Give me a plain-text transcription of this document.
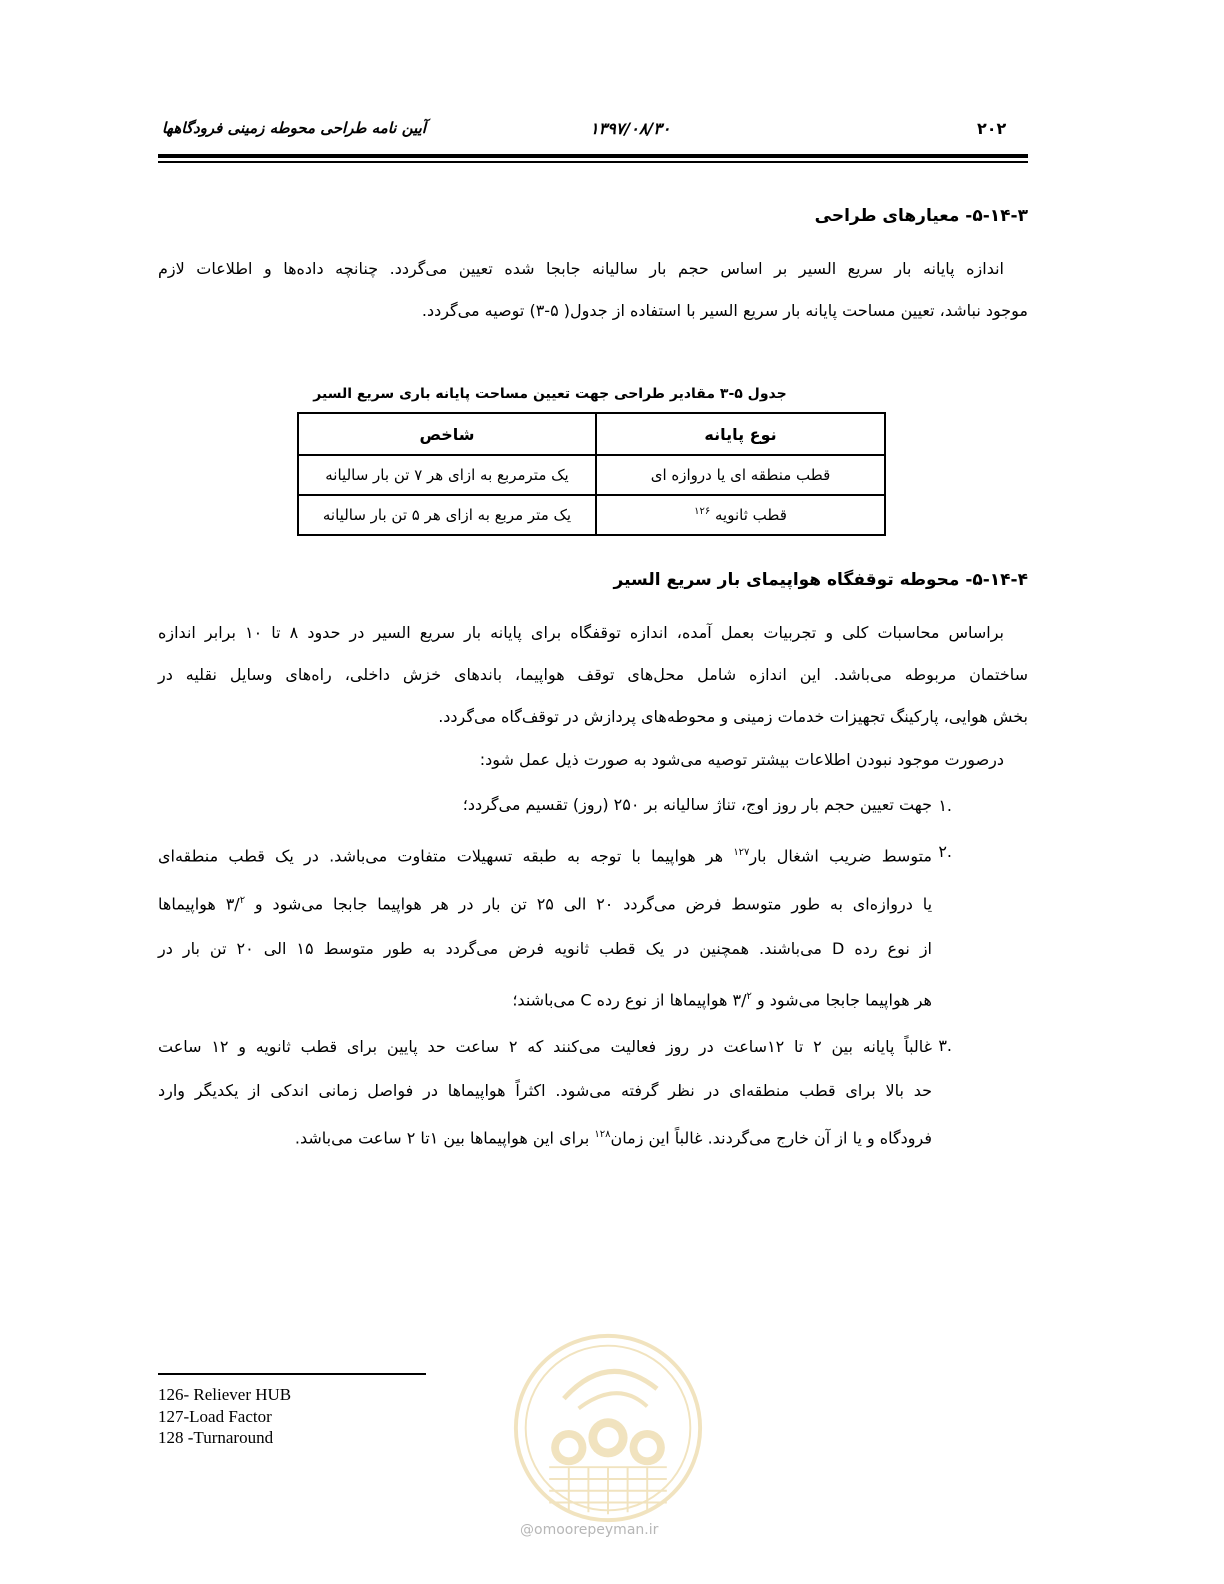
آیین نامه طراحی محوطه زمینی فرودگاهها	۱۳۹۷/۰۸/۳۰	۲۰۲
۵-۱۴-۳- معیارهای طراحی
اندازه پایانه بار سریع السیر بر اساس حجم بار سالیانه جابجا شده تعیین می‌گردد. چنانچه داده‌ها و اطلاعات لازم
موجود نباشد، تعیین مساحت پایانه بار سریع السیر با استفاده از جدول( ۵-۳) توصیه می‌گردد.
جدول ۵-۳ مقادیر طراحی جهت تعیین مساحت پایانه باری سریع السیر
نوع پایانه	شاخص
قطب منطقه ای یا دروازه ای	یک مترمربع به ازای هر ۷ تن بار سالیانه
قطب ثانویه $^{۱۲۶}$	یک متر مربع به ازای هر ۵ تن بار سالیانه
۵-۱۴-۴- محوطه توقفگاه هواپیمای بار سریع السیر
براساس محاسبات کلی و تجربیات بعمل آمده، اندازه توقفگاه برای پایانه بار سریع السیر در حدود ۸ تا ۱۰ برابر اندازه
ساختمان مربوطه می‌باشد. این اندازه شامل محل‌های توقف هواپیما، باندهای خزش داخلی، راه‌های وسایل نقلیه در
بخش هوایی، پارکینگ تجهیزات خدمات زمینی و محوطه‌های پردازش در توقف‌گاه می‌گردد.
درصورت موجود نبودن اطلاعات بیشتر توصیه می‌شود به صورت ذیل عمل شود:
.۱
جهت تعیین حجم بار روز اوج، تناژ سالیانه بر ۲۵۰ (روز) تقسیم می‌گردد؛
.۲
متوسط ضریب اشغال بار$^{۱۲۷}$ هر هواپیما با توجه به طبقه تسهیلات متفاوت می‌باشد. در یک قطب منطقه‌ای
یا دروازه‌ای به طور متوسط فرض می‌گردد ۲۰ الی ۲۵ تن بار در هر هواپیما جابجا می‌شود و ۳/$^۲$ هواپیماها
از نوع رده D می‌باشند. همچنین در یک قطب ثانویه فرض می‌گردد به طور متوسط ۱۵ الی ۲۰ تن بار در
هر هواپیما جابجا می‌شود و ۳/$^۲$ هواپیماها از نوع رده C می‌باشند؛
.۳
غالباً پایانه بین ۲ تا ۱۲ساعت در روز فعالیت می‌کنند که ۲ ساعت حد پایین برای قطب ثانویه و ۱۲ ساعت
حد بالا برای قطب منطقه‌ای در نظر گرفته می‌شود. اکثراً هواپیماها در فواصل زمانی اندکی از یکدیگر وارد
فرودگاه و یا از آن خارج می‌گردند. غالباً این زمان$^{۱۲۸}$ برای این هواپیماها بین ۱تا ۲ ساعت می‌باشد.
126- Reliever HUB
127-Load Factor
128 -Turnaround
@omoorepeyman.ir
